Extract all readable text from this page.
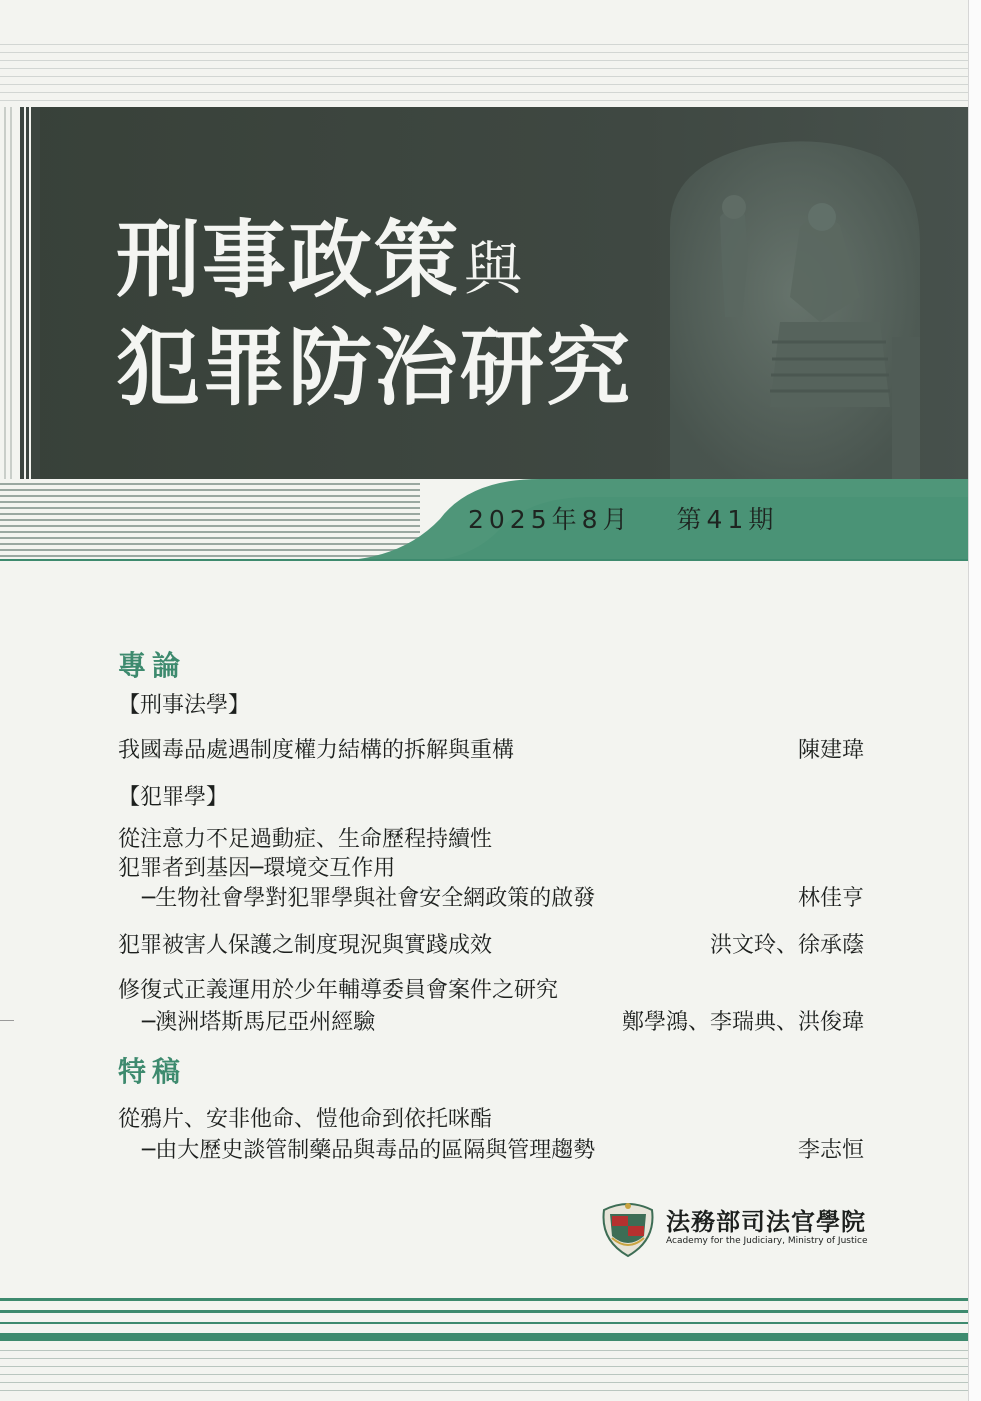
刑事政策與
犯罪防治研究
2025年8月 第41期
專論
【刑事法學】
我國毒品處遇制度權力結構的拆解與重構	陳建瑋
【犯罪學】
從注意力不足過動症、生命歷程持續性
犯罪者到基因─環境交互作用
─生物社會學對犯罪學與社會安全網政策的啟發	林佳亨
犯罪被害人保護之制度現況與實踐成效	洪文玲、徐承蔭
修復式正義運用於少年輔導委員會案件之研究
─澳洲塔斯馬尼亞州經驗	鄭學鴻、李瑞典、洪俊瑋
特稿
從鴉片、安非他命、愷他命到依托咪酯
─由大歷史談管制藥品與毒品的區隔與管理趨勢	李志恒
法務部司法官學院
Academy for the Judiciary, Ministry of Justice
